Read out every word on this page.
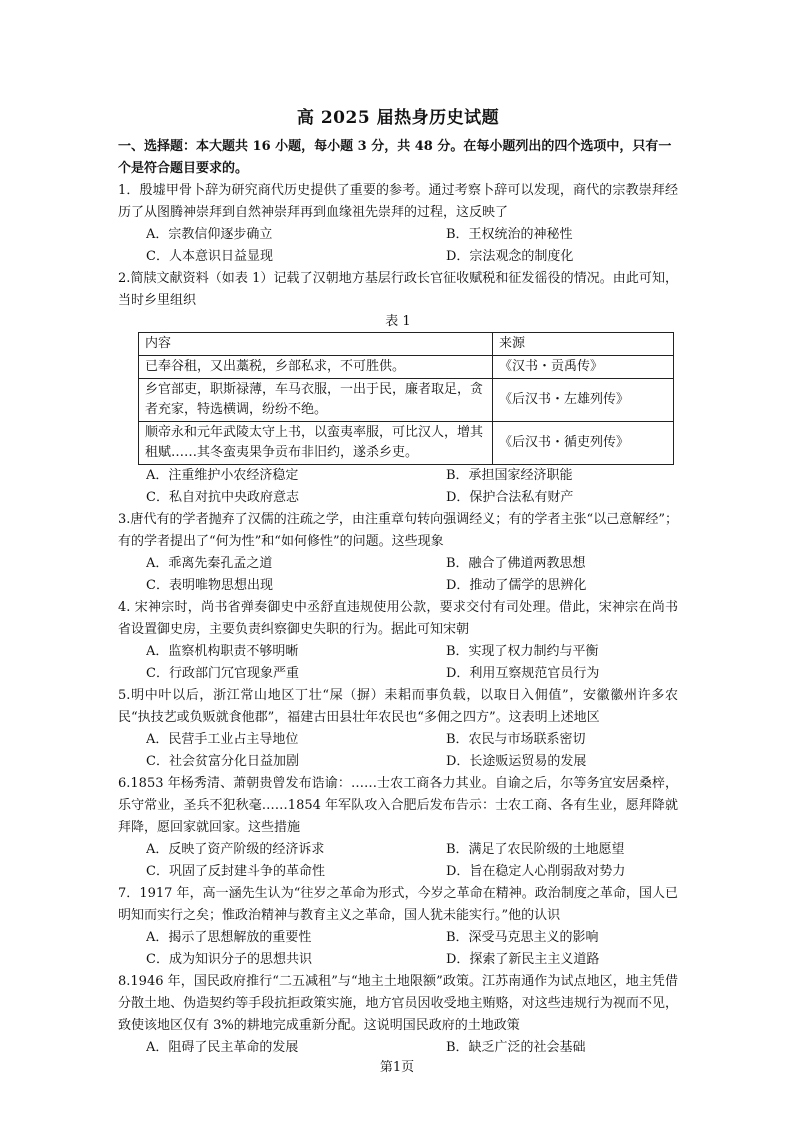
高 2025 届热身历史试题

一、选择题：本大题共 16 小题，每小题 3 分，共 48 分。在每小题列出的四个选项中，只有一个是符合题目要求的。

1．殷墟甲骨卜辞为研究商代历史提供了重要的参考。通过考察卜辞可以发现，商代的宗教崇拜经历了从图腾神崇拜到自然神崇拜再到血缘祖先崇拜的过程，这反映了

A．宗教信仰逐步确立	B．王权统治的神秘性
C．人本意识日益显现	D．宗法观念的制度化

2.简牍文献资料（如表 1）记载了汉朝地方基层行政长官征收赋税和征发徭役的情况。由此可知，当时乡里组织

表 1

内容	来源
已奉谷租，又出藁税，乡部私求，不可胜供。	《汉书・贡禹传》
乡官部吏，职斯禄薄，车马衣服，一出于民，廉者取足，贪者充家，特选横调，纷纷不绝。	《后汉书・左雄列传》
顺帝永和元年武陵太守上书，以蛮夷率服，可比汉人，增其租赋……其冬蛮夷果争贡布非旧约，遂杀乡吏。	《后汉书・循吏列传》
A．注重维护小农经济稳定	B．承担国家经济职能
C．私自对抗中央政府意志	D．保护合法私有财产

3.唐代有的学者抛弃了汉儒的注疏之学，由注重章句转向强调经义；有的学者主张“以己意解经”；有的学者提出了“何为性”和“如何修性”的问题。这些现象

A．乖离先秦孔孟之道	B．融合了佛道两教思想
C．表明唯物思想出现	D．推动了儒学的思辨化

4. 宋神宗时，尚书省弹奏御史中丞舒直违规使用公款，要求交付有司处理。借此，宋神宗在尚书省设置御史房，主要负责纠察御史失职的行为。据此可知宋朝

A．监察机构职责不够明晰	B．实现了权力制约与平衡
C．行政部门冗官现象严重	D．利用互察规范官员行为

5.明中叶以后，浙江常山地区丁壮“屎（摒）耒耜而事负载，以取日入佣值”，安徽徽州许多农民“执技艺或负贩就食他郡”，福建古田县壮年农民也“多佣之四方”。这表明上述地区

A．民营手工业占主导地位	B．农民与市场联系密切
C．社会贫富分化日益加剧	D．长途贩运贸易的发展

6.1853 年杨秀清、萧朝贵曾发布诰谕：……士农工商各力其业。自谕之后，尔等务宜安居桑梓，乐守常业，圣兵不犯秋毫……1854 年军队攻入合肥后发布告示：士农工商、各有生业，愿拜降就拜降，愿回家就回家。这些措施

A．反映了资产阶级的经济诉求	B．满足了农民阶级的土地愿望
C．巩固了反封建斗争的革命性	D．旨在稳定人心削弱敌对势力

7．1917 年，高一涵先生认为“往岁之革命为形式，今岁之革命在精神。政治制度之革命，国人已明知而实行之矣；惟政治精神与教育主义之革命，国人犹未能实行。”他的认识

A．揭示了思想解放的重要性	B．深受马克思主义的影响
C．成为知识分子的思想共识	D．探索了新民主主义道路

8.1946 年，国民政府推行“二五减租”与“地主土地限额”政策。江苏南通作为试点地区，地主凭借分散土地、伪造契约等手段抗拒政策实施，地方官员因收受地主贿赂，对这些违规行为视而不见，致使该地区仅有 3%的耕地完成重新分配。这说明国民政府的土地政策

A．阻碍了民主革命的发展	B．缺乏广泛的社会基础
第1页
